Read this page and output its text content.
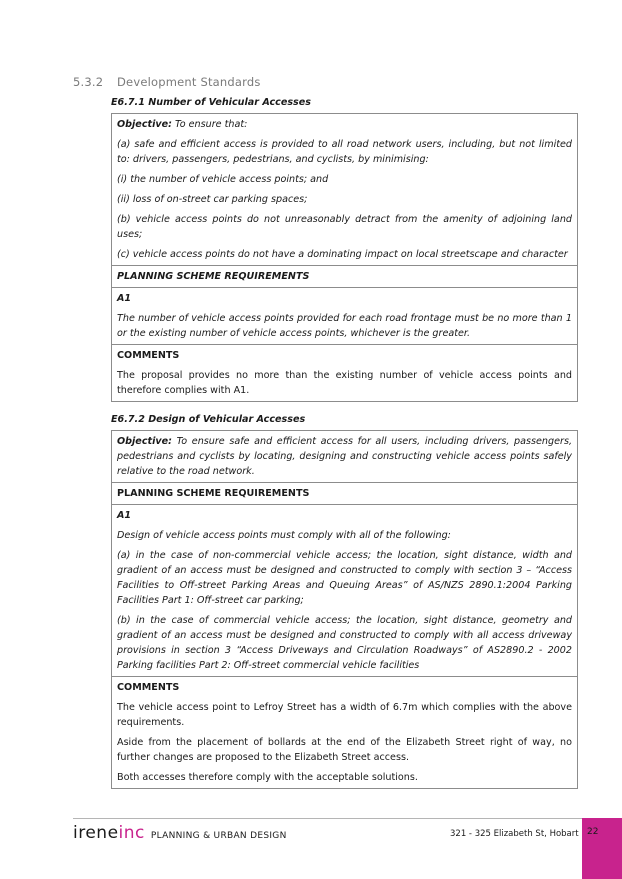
5.3.2 Development Standards
E6.7.1 Number of Vehicular Accesses

Objective: To ensure that:

(a) safe and efficient access is provided to all road network users, including, but not limited to: drivers, passengers, pedestrians, and cyclists, by minimising:

(i) the number of vehicle access points; and

(ii) loss of on-street car parking spaces;

(b) vehicle access points do not unreasonably detract from the amenity of adjoining land uses;

(c) vehicle access points do not have a dominating impact on local streetscape and character

PLANNING SCHEME REQUIREMENTS

A1

The number of vehicle access points provided for each road frontage must be no more than 1 or the existing number of vehicle access points, whichever is the greater.

COMMENTS

The proposal provides no more than the existing number of vehicle access points and therefore complies with A1.

E6.7.2 Design of Vehicular Accesses

Objective: To ensure safe and efficient access for all users, including drivers, passengers, pedestrians and cyclists by locating, designing and constructing vehicle access points safely relative to the road network.

PLANNING SCHEME REQUIREMENTS

A1

Design of vehicle access points must comply with all of the following:

(a) in the case of non-commercial vehicle access; the location, sight distance, width and gradient of an access must be designed and constructed to comply with section 3 – “Access Facilities to Off-street Parking Areas and Queuing Areas” of AS/NZS 2890.1:2004 Parking Facilities Part 1: Off-street car parking;

(b) in the case of commercial vehicle access; the location, sight distance, geometry and gradient of an access must be designed and constructed to comply with all access driveway provisions in section 3 “Access Driveways and Circulation Roadways” of AS2890.2 - 2002 Parking facilities Part 2: Off-street commercial vehicle facilities

COMMENTS

The vehicle access point to Lefroy Street has a width of 6.7m which complies with the above requirements.

Aside from the placement of bollards at the end of the Elizabeth Street right of way, no further changes are proposed to the Elizabeth Street access.

Both accesses therefore comply with the acceptable solutions.

ireneinc PLANNING & URBAN DESIGN	321 - 325 Elizabeth St, Hobart 22
